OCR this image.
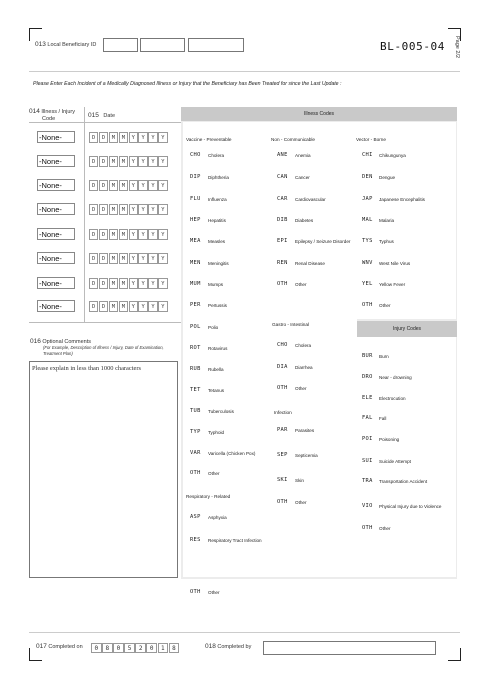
013 Local Beneficiary ID	BL-005-04 Page 2/2
Please Enter Each Incident of a Medically Diagnosed Illness or Injury that the Beneficiary has Been Treated for since the Last Update :
014 Illness / Injury
Code	015 Date
-None-	D	D	M	M	Y	Y	Y	Y
-None-	D	D	M	M	Y	Y	Y	Y
-None-	D	D	M	M	Y	Y	Y	Y
-None-	D	D	M	M	Y	Y	Y	Y
-None-	D	D	M	M	Y	Y	Y	Y
-None-	D	D	M	M	Y	Y	Y	Y
-None-	D	D	M	M	Y	Y	Y	Y
-None-	D	D	M	M	Y	Y	Y	Y
Illness Codes
Injury Codes
Vaccine - Preventable
CHO Cholera
DIP Diphtheria
FLU Influenza
HEP Hepatitis
MEA Measles
MEN Meningitis
MUM Mumps
PER Pertussis
POL Polio
ROT Rotavirus
RUB Rubella
TET Tetanus
TUB Tuberculosis
TYP Typhoid
VAR Varicella (Chicken Pox)
OTH Other
Respiratory - Related
ASP Asphyxia
RES Respiratory Tract Infection
OTH Other
Non - Communicable
ANE Anemia
CAN Cancer
CAR Cardiovascular
DIB Diabetes
EPI Epilepsy / Seizure Disorder
REN Renal Disease
OTH Other
Gastro - Intestinal
CHO Cholera
DIA Diarrhea
OTH Other
Infection
PAR Parasites
SEP Septicemia
SKI Skin
OTH Other
Vector - Borne
CHI Chikungunya
DEN Dengue
JAP Japanese Encephalitis
MAL Malaria
TYS Typhus
WNV West Nile Virus
YEL Yellow Fever
OTH Other
BUR Burn
DRO Near - drowning
ELE Electrocution
FAL Fall
POI Poisoning
SUI Suicide Attempt
TRA Transportation Accident
VIO Physical Injury due to Violence
OTH Other
016 Optional Comments
(For Example, Description of Illness / Injury, Date of Examination,
Treatment Plan)
Please explain in less than 1000 characters
017 Completed on	0	8	0	5	2	0	1	8	018 Completed by
